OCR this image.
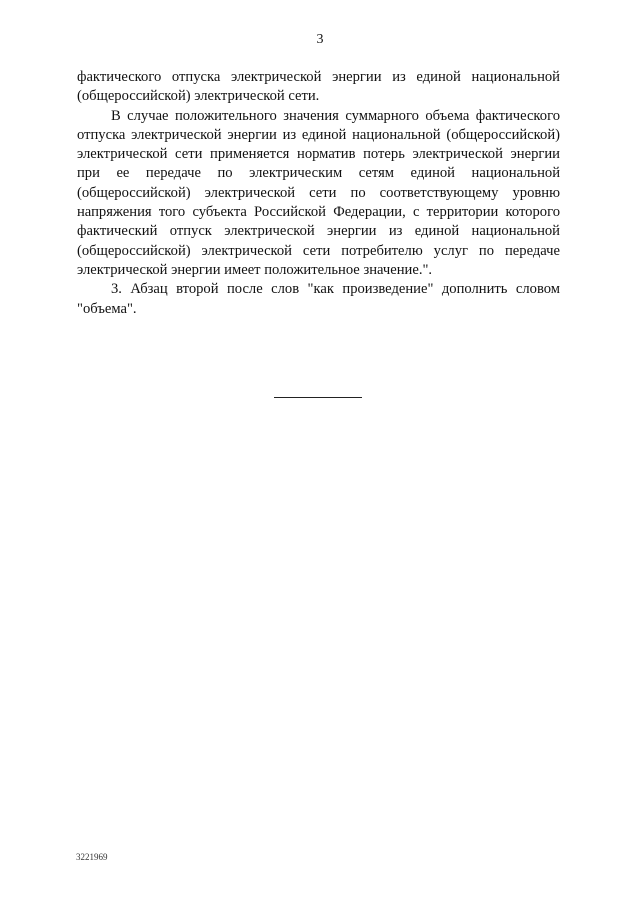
3

фактического отпуска электрической энергии из единой национальной (общероссийской) электрической сети.

В случае положительного значения суммарного объема фактического отпуска электрической энергии из единой национальной (общероссийской) электрической сети применяется норматив потерь электрической энергии при ее передаче по электрическим сетям единой национальной (общероссийской) электрической сети по соответствующему уровню напряжения того субъекта Российской Федерации, с территории которого фактический отпуск электрической энергии из единой национальной (общероссийской) электрической сети потребителю услуг по передаче электрической энергии имеет положительное значение.".

3. Абзац второй после слов "как произведение" дополнить словом "объема".

3221969
